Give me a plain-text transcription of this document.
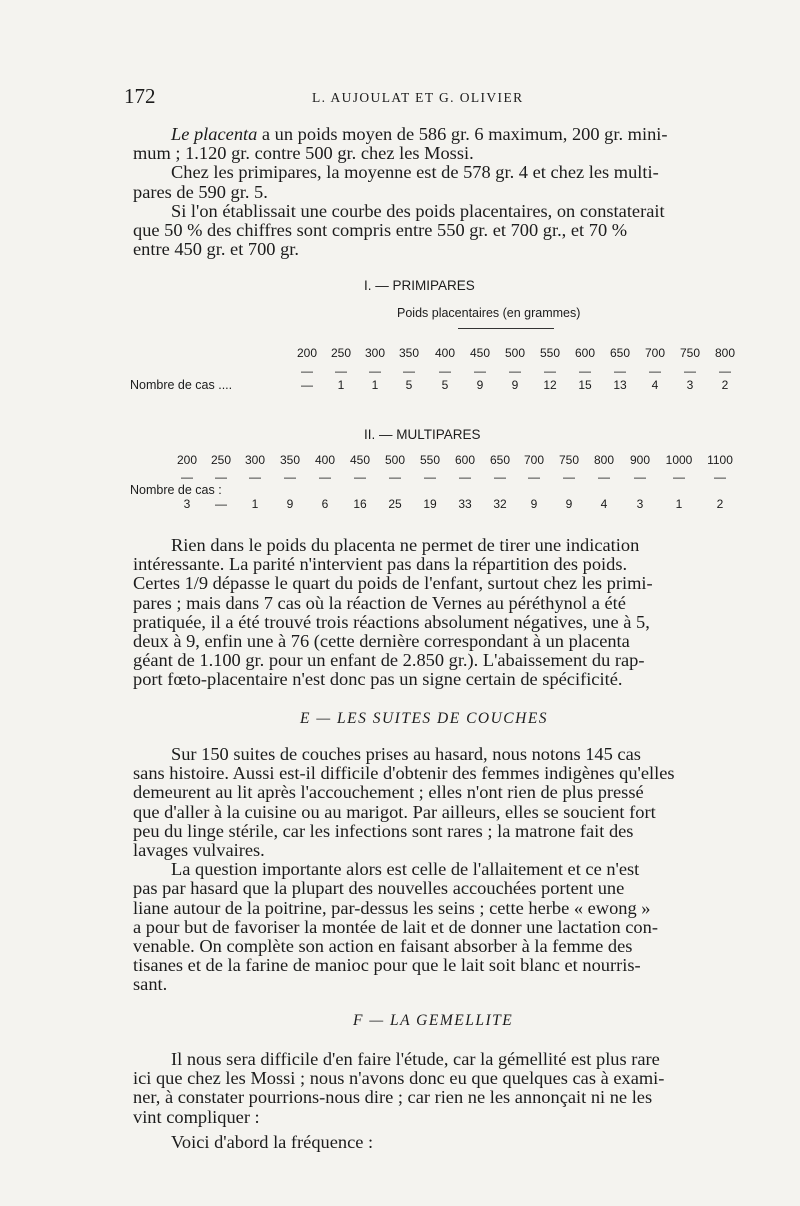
172	L. AUJOULAT ET G. OLIVIER

Le placenta a un poids moyen de 586 gr. 6 maximum, 200 gr. mini-

mum ; 1.120 gr. contre 500 gr. chez les Mossi.

Chez les primipares, la moyenne est de 578 gr. 4 et chez les multi-

pares de 590 gr. 5.

Si l'on établissait une courbe des poids placentaires, on constaterait

que 50 % des chiffres sont compris entre 550 gr. et 700 gr., et 70 %

entre 450 gr. et 700 gr.

I. — PRIMIPARES
Poids placentaires (en grammes)
200	250	300	350	400	450	500	550	600	650	700	750	800
—	—	—	—	—	—	—	—	—	—	—	—	—
Nombre de cas ....	—	1	1	5	5	9	9	12	15	13	4	3	2
II. — MULTIPARES
200	250	300	350	400	450	500	550	600	650	700	750	800	900	1000	1100
—	—	—	—	—	—	—	—	—	—	—	—	—	—	—	—
Nombre de cas :
3	—	1	9	6	16	25	19	33	32	9	9	4	3	1	2

Rien dans le poids du placenta ne permet de tirer une indication

intéressante. La parité n'intervient pas dans la répartition des poids.

Certes 1/9 dépasse le quart du poids de l'enfant, surtout chez les primi-

pares ; mais dans 7 cas où la réaction de Vernes au péréthynol a été

pratiquée, il a été trouvé trois réactions absolument négatives, une à 5,

deux à 9, enfin une à 76 (cette dernière correspondant à un placenta

géant de 1.100 gr. pour un enfant de 2.850 gr.). L'abaissement du rap-

port fœto-placentaire n'est donc pas un signe certain de spécificité.

E — LES SUITES DE COUCHES

Sur 150 suites de couches prises au hasard, nous notons 145 cas

sans histoire. Aussi est-il difficile d'obtenir des femmes indigènes qu'elles

demeurent au lit après l'accouchement ; elles n'ont rien de plus pressé

que d'aller à la cuisine ou au marigot. Par ailleurs, elles se soucient fort

peu du linge stérile, car les infections sont rares ; la matrone fait des

lavages vulvaires.

La question importante alors est celle de l'allaitement et ce n'est

pas par hasard que la plupart des nouvelles accouchées portent une

liane autour de la poitrine, par-dessus les seins ; cette herbe « ewong »

a pour but de favoriser la montée de lait et de donner une lactation con-

venable. On complète son action en faisant absorber à la femme des

tisanes et de la farine de manioc pour que le lait soit blanc et nourris-

sant.

F — LA GEMELLITE

Il nous sera difficile d'en faire l'étude, car la gémellité est plus rare

ici que chez les Mossi ; nous n'avons donc eu que quelques cas à exami-

ner, à constater pourrions-nous dire ; car rien ne les annonçait ni ne les

vint compliquer :

Voici d'abord la fréquence :
